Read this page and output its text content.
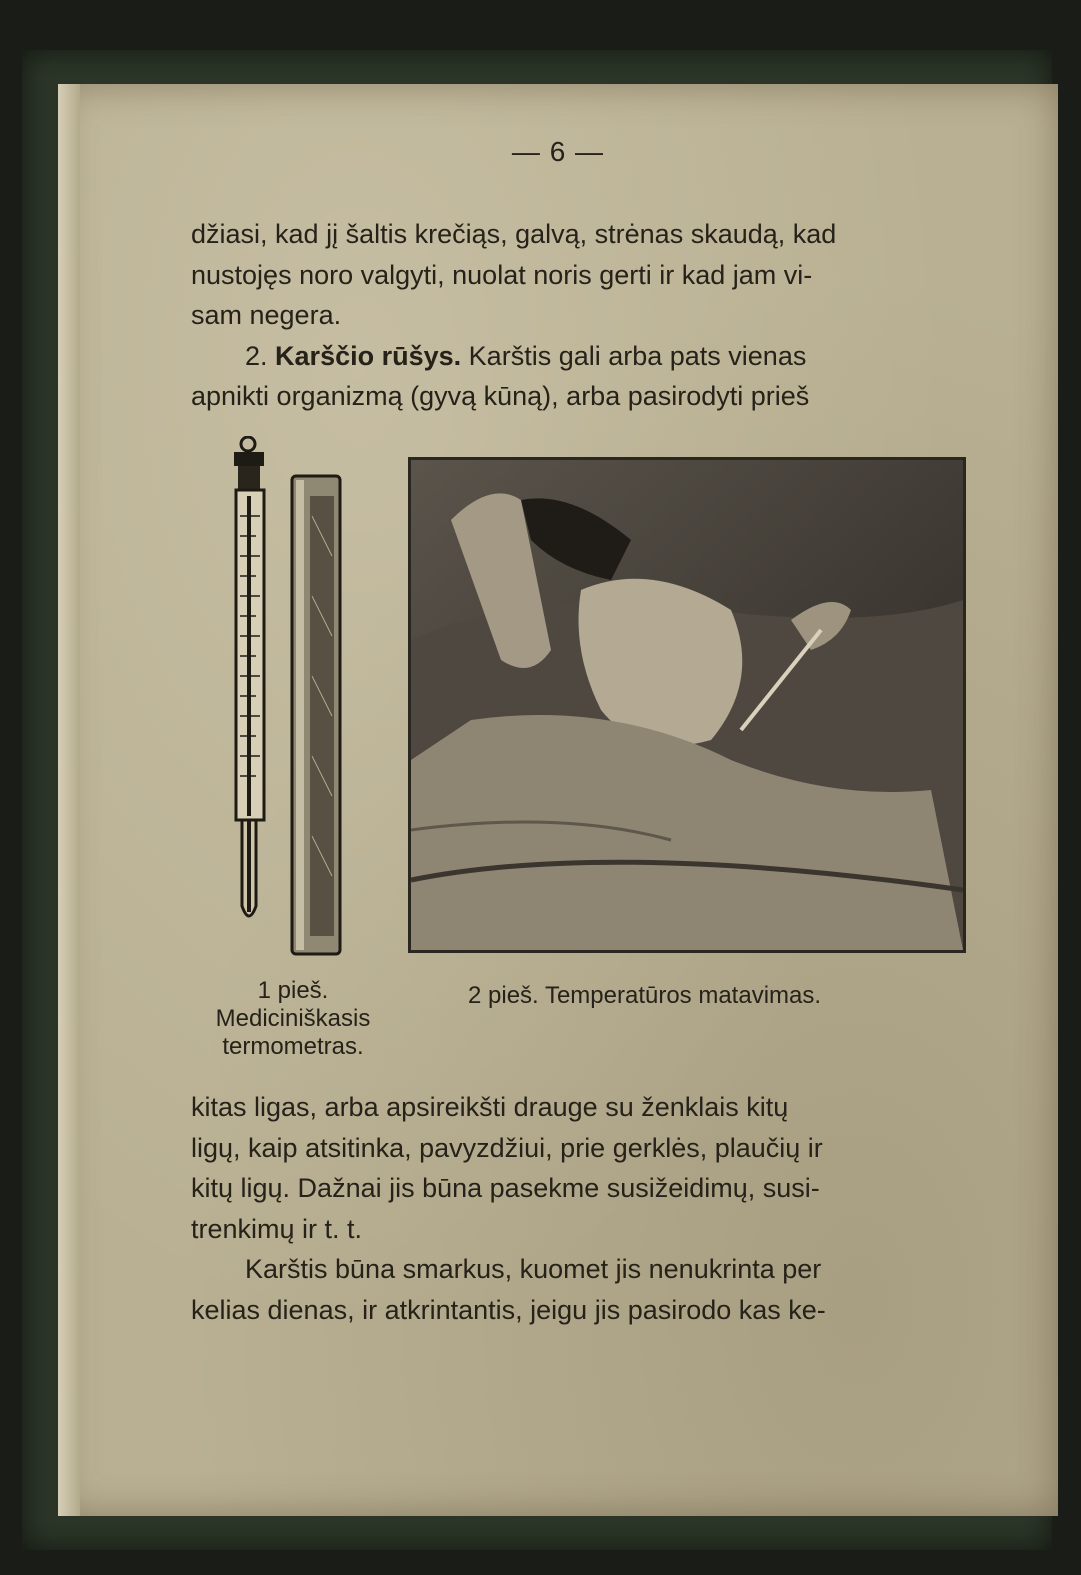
— 6 —

džiasi, kad jį šaltis krečiąs, galvą, strėnas skaudą, kad

nustojęs noro valgyti, nuolat noris gerti ir kad jam vi-

sam negera.

2. Karščio rūšys. Karštis gali arba pats vienas

apnikti organizmą (gyvą kūną), arba pasirodyti prieš

1 pieš.
Mediciniškasis
termometras.
2 pieš. Temperatūros matavimas.

kitas ligas, arba apsireikšti drauge su ženklais kitų

ligų, kaip atsitinka, pavyzdžiui, prie gerklės, plaučių ir

kitų ligų. Dažnai jis būna pasekme susižeidimų, susi-

trenkimų ir t. t.

Karštis būna smarkus, kuomet jis nenukrinta per

kelias dienas, ir atkrintantis, jeigu jis pasirodo kas ke-
